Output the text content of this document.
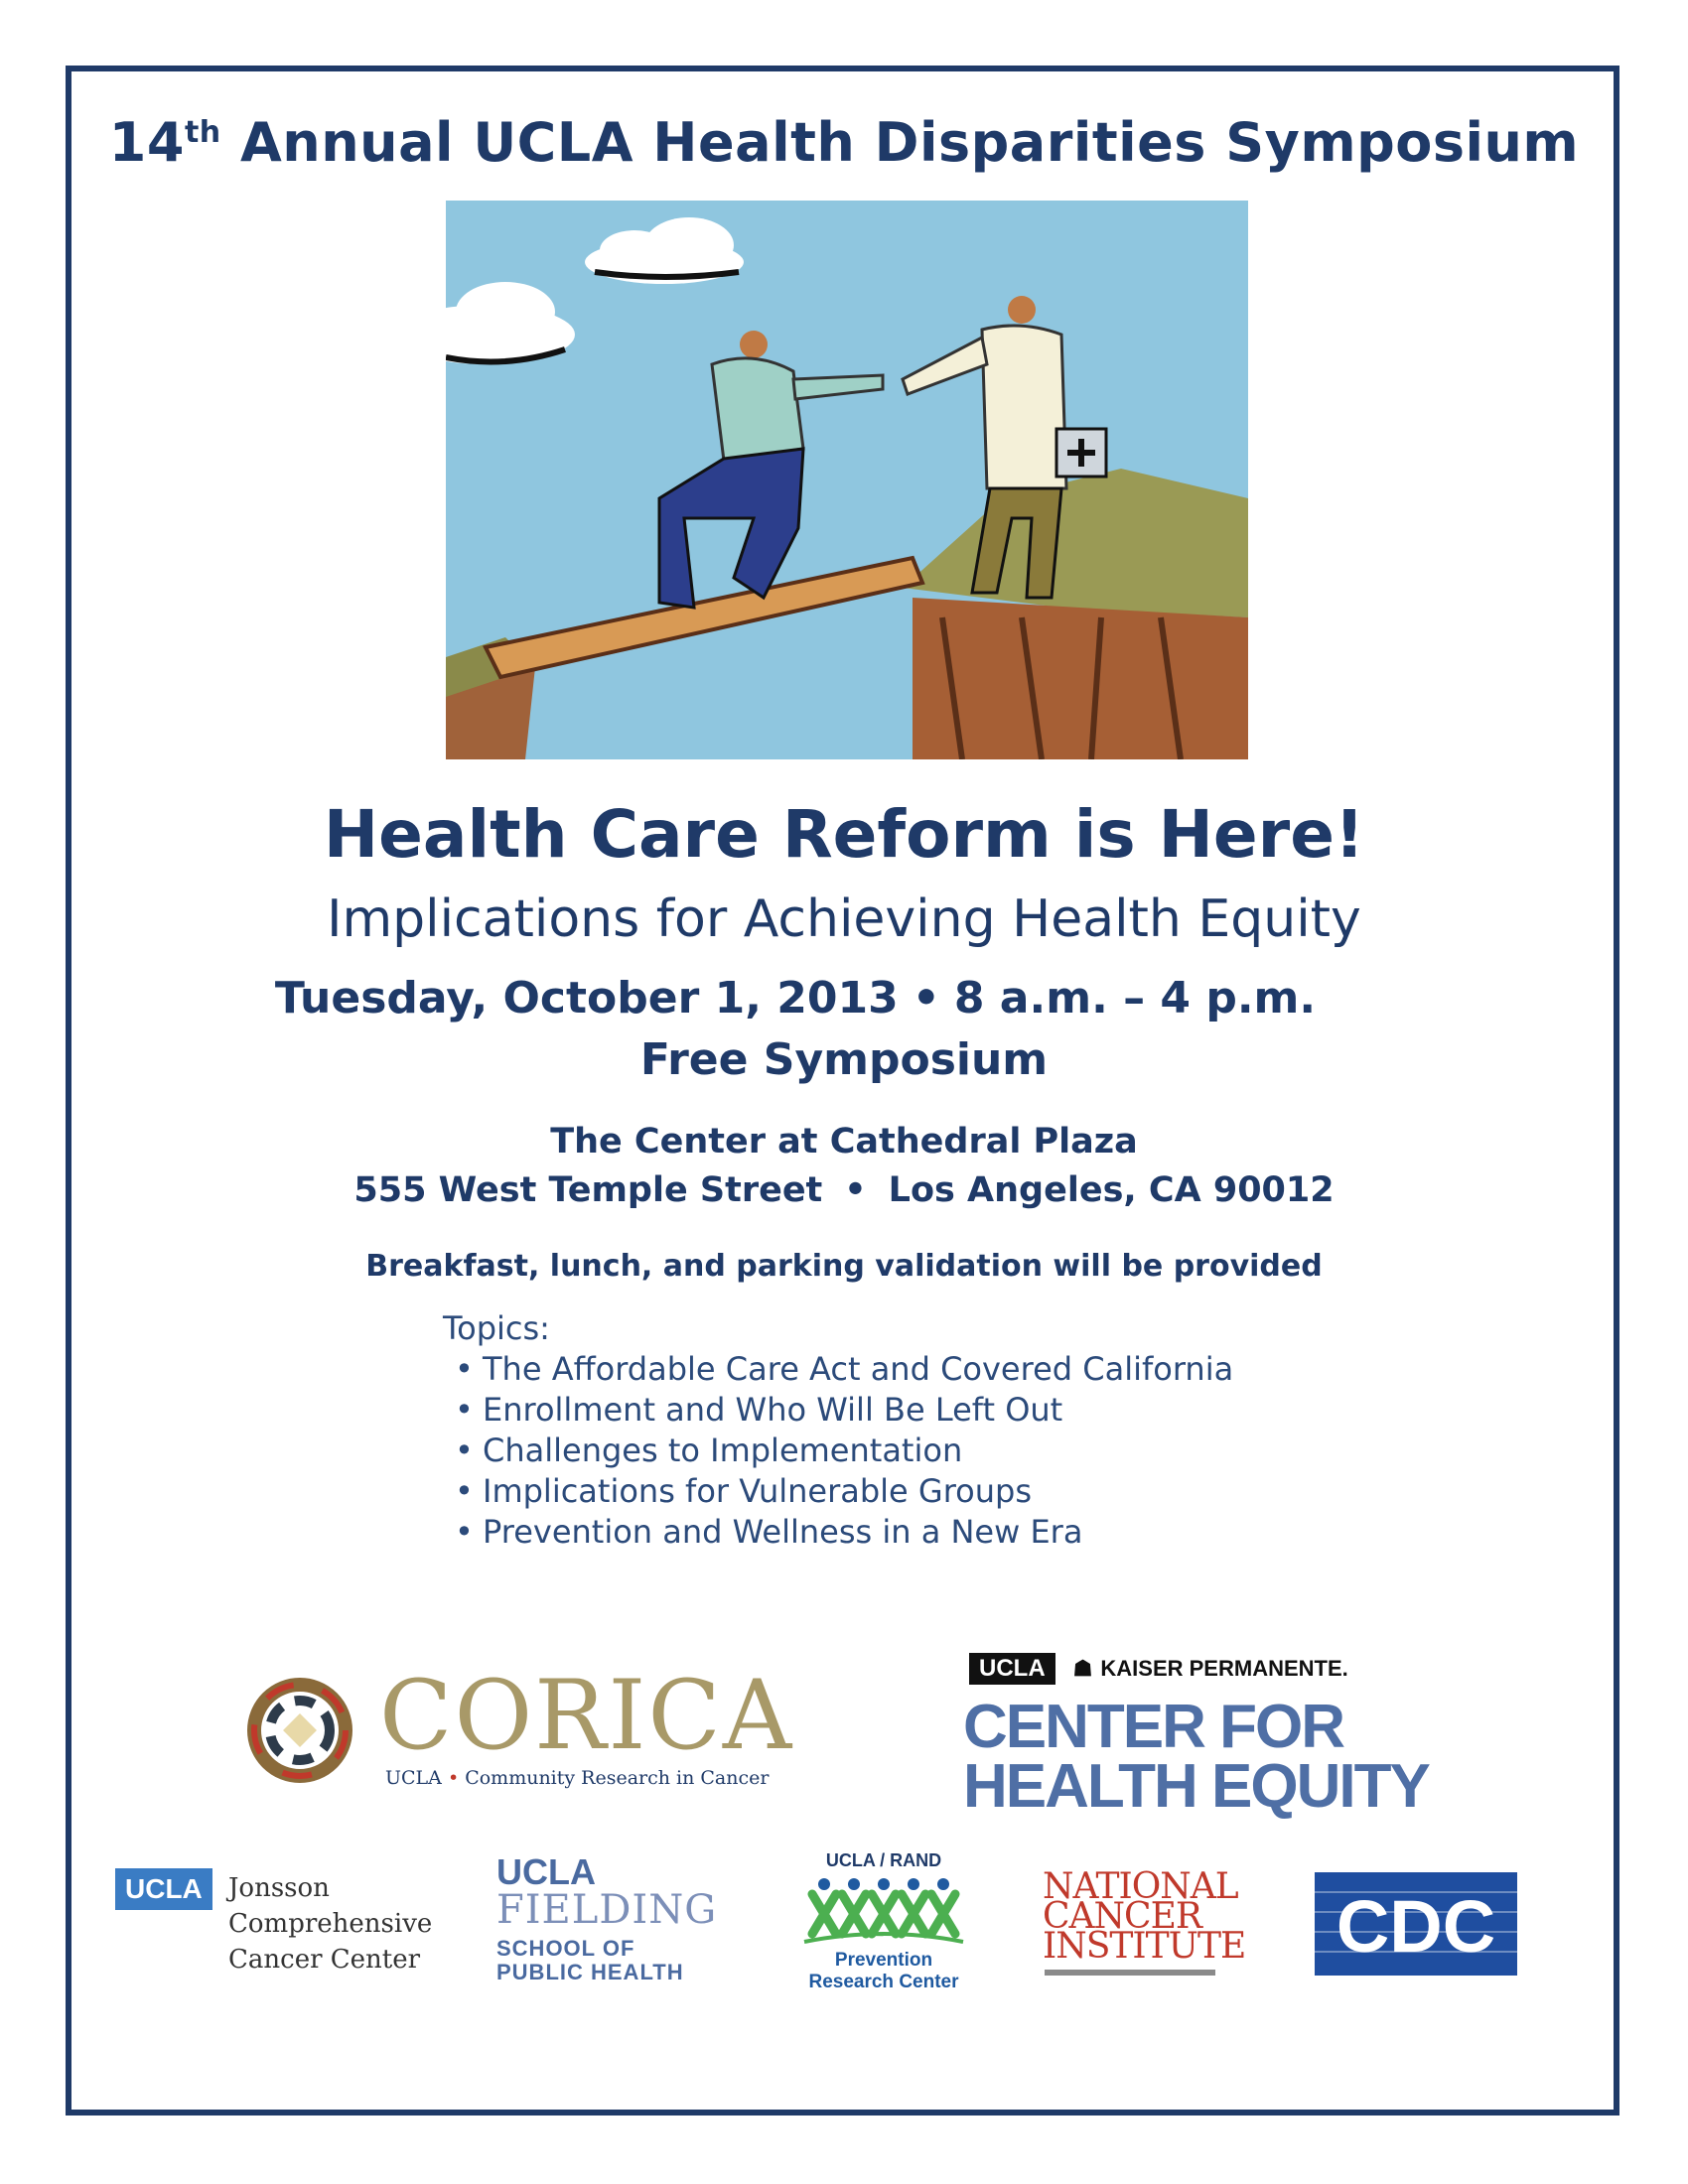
14th Annual UCLA Health Disparities Symposium
Health Care Reform is Here!
Implications for Achieving Health Equity
Tuesday, October 1, 2013 • 8 a.m. – 4 p.m.
Free Symposium
The Center at Cathedral Plaza
555 West Temple Street • Los Angeles, CA 90012
Breakfast, lunch, and parking validation will be provided
Topics:
• The Affordable Care Act and Covered California
• Enrollment and Who Will Be Left Out
• Challenges to Implementation
• Implications for Vulnerable Groups
• Prevention and Wellness in a New Era
CORICA
UCLA • Community Research in Cancer
UCLA	☗ KAISER PERMANENTE.
CENTER FOR
HEALTH EQUITY
UCLA	Jonsson
Comprehensive
Cancer Center
UCLA
FIELDING
SCHOOL OF
PUBLIC HEALTH
UCLA / RAND
Prevention
Research Center
NATIONAL
CANCER
INSTITUTE CDC
